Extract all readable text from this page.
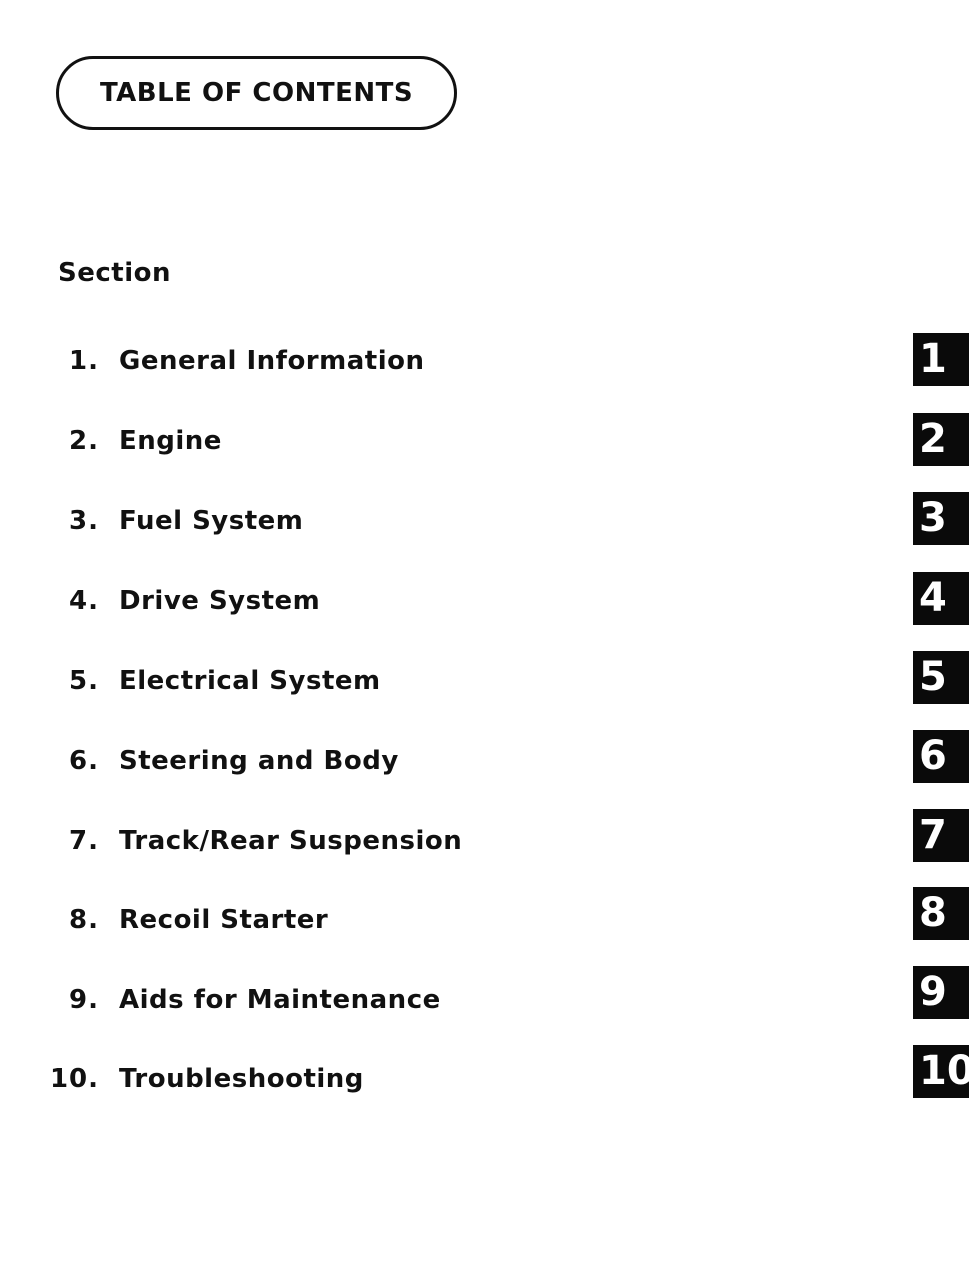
TABLE OF CONTENTS
Section
1. General Information	1
2. Engine	2
3. Fuel System	3
4. Drive System	4
5. Electrical System	5
6. Steering and Body	6
7. Track/Rear Suspension	7
8. Recoil Starter	8
9. Aids for Maintenance	9
10. Troubleshooting	10
